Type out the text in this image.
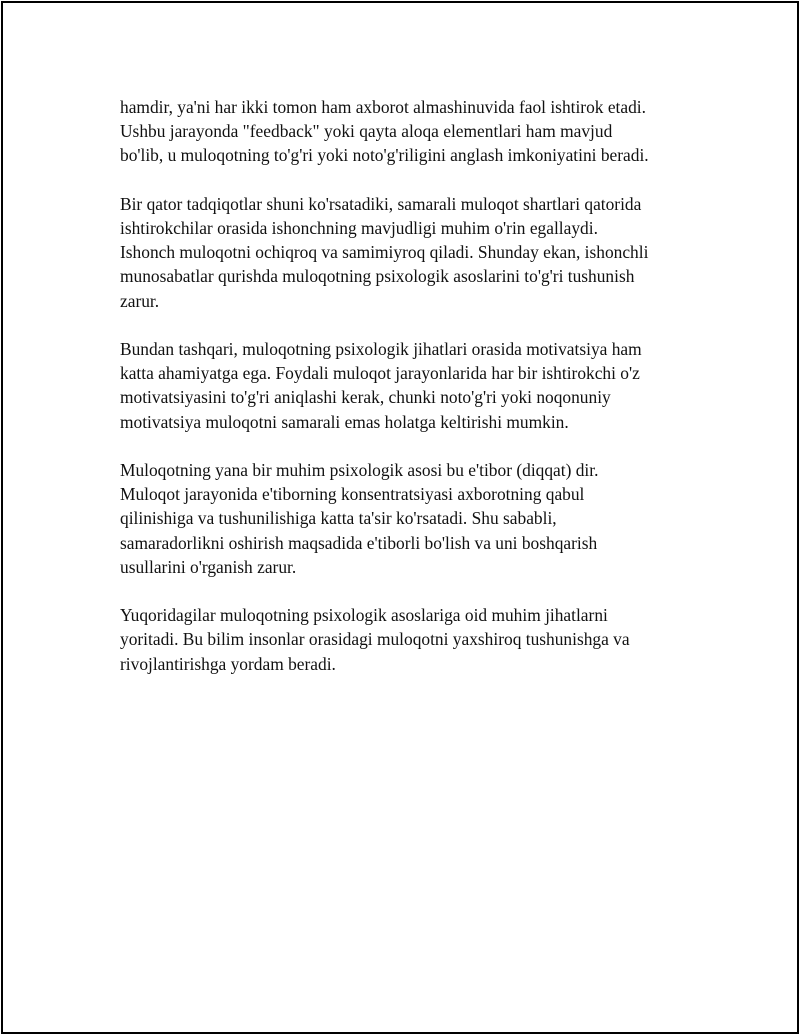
hamdir, ya'ni har ikki tomon ham axborot almashinuvida faol ishtirok etadi.
Ushbu jarayonda "feedback" yoki qayta aloqa elementlari ham mavjud
bo'lib, u muloqotning to'g'ri yoki noto'g'riligini anglash imkoniyatini beradi.

Bir qator tadqiqotlar shuni ko'rsatadiki, samarali muloqot shartlari qatorida
ishtirokchilar orasida ishonchning mavjudligi muhim o'rin egallaydi.
Ishonch muloqotni ochiqroq va samimiyroq qiladi. Shunday ekan, ishonchli
munosabatlar qurishda muloqotning psixologik asoslarini to'g'ri tushunish
zarur.

Bundan tashqari, muloqotning psixologik jihatlari orasida motivatsiya ham
katta ahamiyatga ega. Foydali muloqot jarayonlarida har bir ishtirokchi o'z
motivatsiyasini to'g'ri aniqlashi kerak, chunki noto'g'ri yoki noqonuniy
motivatsiya muloqotni samarali emas holatga keltirishi mumkin.

Muloqotning yana bir muhim psixologik asosi bu e'tibor (diqqat) dir.
Muloqot jarayonida e'tiborning konsentratsiyasi axborotning qabul
qilinishiga va tushunilishiga katta ta'sir ko'rsatadi. Shu sababli,
samaradorlikni oshirish maqsadida e'tiborli bo'lish va uni boshqarish
usullarini o'rganish zarur.

Yuqoridagilar muloqotning psixologik asoslariga oid muhim jihatlarni
yoritadi. Bu bilim insonlar orasidagi muloqotni yaxshiroq tushunishga va
rivojlantirishga yordam beradi.
